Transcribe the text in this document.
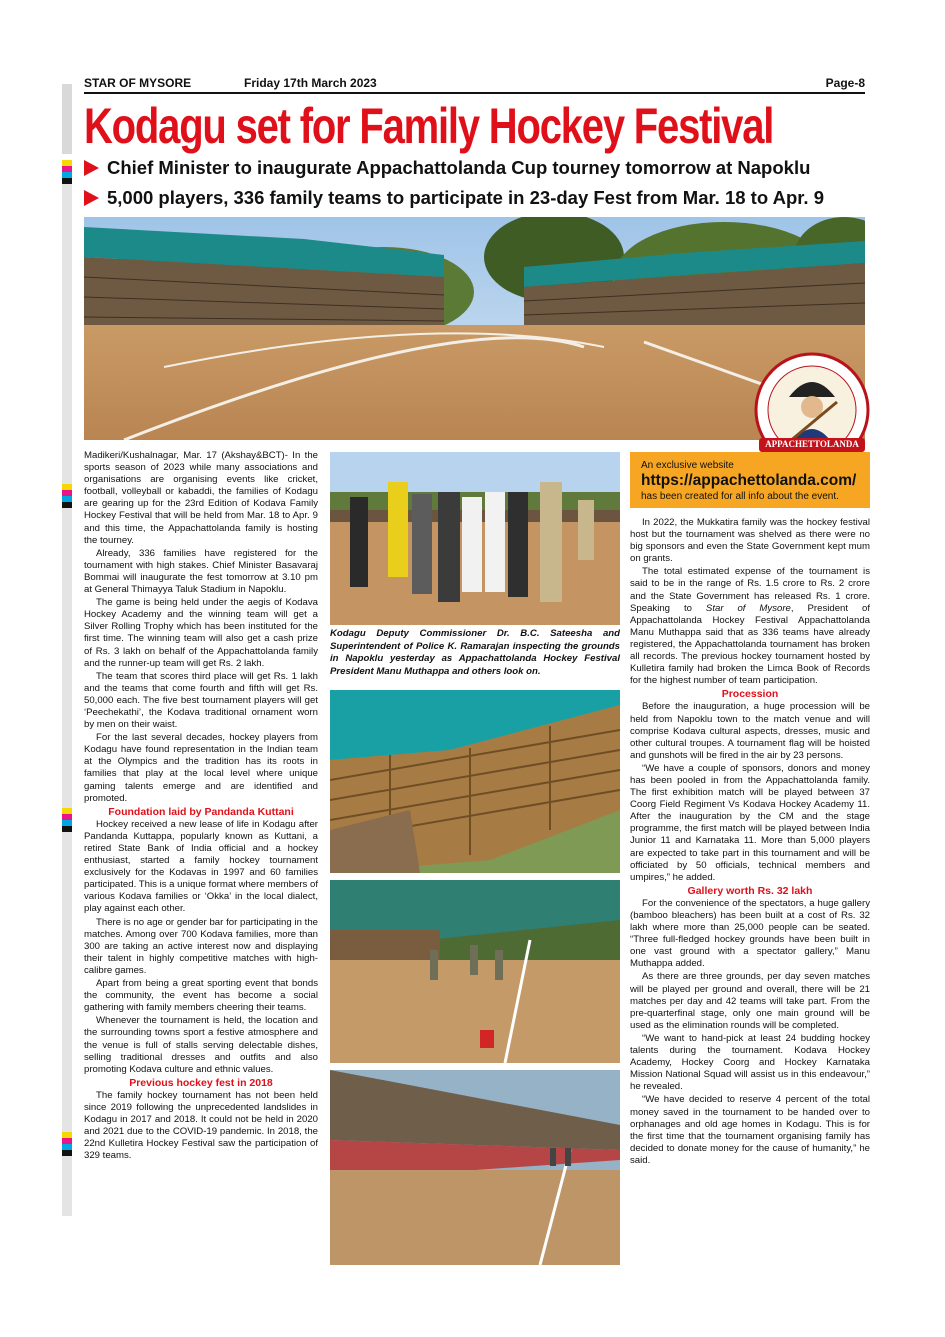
STAR OF MYSORE	Friday 17th March 2023	Page-8
Kodagu set for Family Hockey Festival
Chief Minister to inaugurate Appachattolanda Cup tourney tomorrow at Napoklu
5,000 players, 336 family teams to participate in 23-day Fest from Mar. 18 to Apr. 9
APPACHETTOLANDA
An exclusive website
https://appachettolanda.com/
has been created for all info about the event.

Madikeri/Kushalnagar, Mar. 17 (Akshay&BCT)- In the sports season of 2023 while many associations and organisations are organising events like cricket, football, volleyball or kabaddi, the families of Kodagu are gearing up for the 23rd Edition of Kodava Family Hockey Festival that will be held from Mar. 18 to Apr. 9 and this time, the Appachattolanda family is hosting the tourney.

Already, 336 families have registered for the tournament with high stakes. Chief Minister Basavaraj Bommai will inaugurate the fest tomorrow at 3.10 pm at General Thimayya Taluk Stadium in Napoklu.

The game is being held under the aegis of Kodava Hockey Academy and the winning team will get a Silver Rolling Trophy which has been instituted for the first time. The winning team will also get a cash prize of Rs. 3 lakh on behalf of the Appachattolanda family and the runner-up team will get Rs. 2 lakh.

The team that scores third place will get Rs. 1 lakh and the teams that come fourth and fifth will get Rs. 50,000 each. The five best tournament players will get ‘Peechekathi’, the Kodava traditional ornament worn by men on their waist.

For the last several decades, hockey players from Kodagu have found representation in the Indian team at the Olympics and the tradition has its roots in families that play at the local level where unique gaming talents emerge and are identified and promoted.

Foundation laid by Pandanda Kuttani

Hockey received a new lease of life in Kodagu after Pandanda Kuttappa, popularly known as Kuttani, a retired State Bank of India official and a hockey enthusiast, started a family hockey tournament exclusively for the Kodavas in 1997 and 60 families participated. This is a unique format where members of various Kodava families or ‘Okka’ in the local dialect, play against each other.

There is no age or gender bar for participating in the matches. Among over 700 Kodava families, more than 300 are taking an active interest now and displaying their talent in highly competitive matches with high-calibre games.

Apart from being a great sporting event that bonds the community, the event has become a social gathering with family members cheering their teams.

Whenever the tournament is held, the location and the surrounding towns sport a festive atmosphere and the venue is full of stalls serving delectable dishes, selling traditional dresses and outfits and also promoting Kodava culture and ethnic values.

Previous hockey fest in 2018

The family hockey tournament has not been held since 2019 following the unprecedented landslides in Kodagu in 2017 and 2018. It could not be held in 2020 and 2021 due to the COVID-19 pandemic. In 2018, the 22nd Kulletira Hockey Festival saw the participation of 329 teams.

Kodagu Deputy Commissioner Dr. B.C. Sateesha and Superintendent of Police K. Ramarajan inspecting the grounds in Napoklu yesterday as Appachattolanda Hockey Festival President Manu Muthappa and others look on.

In 2022, the Mukkatira family was the hockey festival host but the tournament was shelved as there were no big sponsors and even the State Government kept mum on grants.

The total estimated expense of the tournament is said to be in the range of Rs. 1.5 crore to Rs. 2 crore and the State Government has released Rs. 1 crore. Speaking to Star of Mysore, President of Appachattolanda Hockey Festival Appachattolanda Manu Muthappa said that as 336 teams have already registered, the Appachattolanda tournament has broken all records. The previous hockey tournament hosted by Kulletira family had broken the Limca Book of Records for the highest number of team participation.

Procession

Before the inauguration, a huge procession will be held from Napoklu town to the match venue and will comprise Kodava cultural aspects, dresses, music and other cultural troupes. A tournament flag will be hoisted and gunshots will be fired in the air by 23 persons.

“We have a couple of sponsors, donors and money has been pooled in from the Appachattolanda family. The first exhibition match will be played between 37 Coorg Field Regiment Vs Kodava Hockey Academy 11. After the inauguration by the CM and the stage programme, the first match will be played between India Junior 11 and Karnataka 11. More than 5,000 players are expected to take part in this tournament and will be officiated by 50 officials, technical members and umpires,” he added.

Gallery worth Rs. 32 lakh

For the convenience of the spectators, a huge gallery (bamboo bleachers) has been built at a cost of Rs. 32 lakh where more than 25,000 people can be seated. “Three full-fledged hockey grounds have been built in one vast ground with a spectator gallery,” Manu Muthappa added.

As there are three grounds, per day seven matches will be played per ground and overall, there will be 21 matches per day and 42 teams will take part. From the pre-quarterfinal stage, only one main ground will be used as the elimination rounds will be completed.

“We want to hand-pick at least 24 budding hockey talents during the tournament. Kodava Hockey Academy, Hockey Coorg and Hockey Karnataka Mission National Squad will assist us in this endeavour,” he revealed.

“We have decided to reserve 4 percent of the total money saved in the tournament to be handed over to orphanages and old age homes in Kodagu. This is for the first time that the tournament organising family has decided to donate money for the cause of humanity,” he said.
